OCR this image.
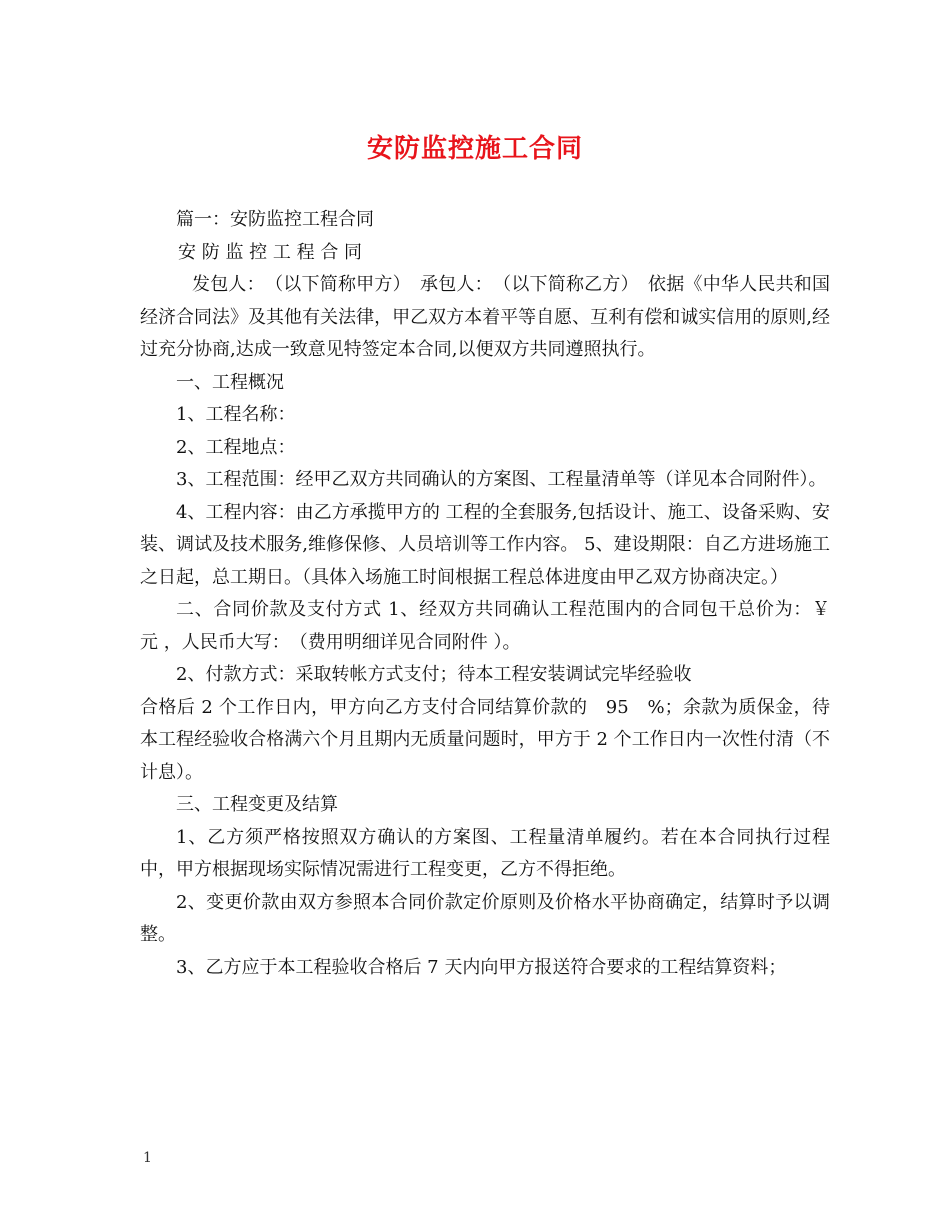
安防监控施工合同

篇一：安防监控工程合同

安 防 监 控 工 程 合 同

发包人：　（以下简称甲方）　承包人：　（以下简称乙方）　依据《中华人民共和国经济合同法》及其他有关法律，甲乙双方本着平等自愿、互利有偿和诚实信用的原则,经过充分协商,达成一致意见特签定本合同,以便双方共同遵照执行。

一、工程概况

1、工程名称：

2、工程地点：

3、工程范围：经甲乙双方共同确认的方案图、工程量清单等（详见本合同附件）。

4、工程内容：由乙方承揽甲方的 工程的全套服务,包括设计、施工、设备采购、安装、调试及技术服务,维修保修、人员培训等工作内容。 5、建设期限：自乙方进场施工之日起，总工期日。（具体入场施工时间根据工程总体进度由甲乙双方协商决定。）

二、合同价款及支付方式 1、经双方共同确认工程范围内的合同包干总价为：￥　元 ，人民币大写：　（费用明细详见合同附件 ）。

2、付款方式：采取转帐方式支付；待本工程安装调试完毕经验收

合格后 2 个工作日内，甲方向乙方支付合同结算价款的　95　%；余款为质保金，待本工程经验收合格满六个月且期内无质量问题时，甲方于 2 个工作日内一次性付清（不计息）。

三、工程变更及结算

1、乙方须严格按照双方确认的方案图、工程量清单履约。若在本合同执行过程中，甲方根据现场实际情况需进行工程变更，乙方不得拒绝。

2、变更价款由双方参照本合同价款定价原则及价格水平协商确定，结算时予以调整。

3、乙方应于本工程验收合格后 7 天内向甲方报送符合要求的工程结算资料；

1
